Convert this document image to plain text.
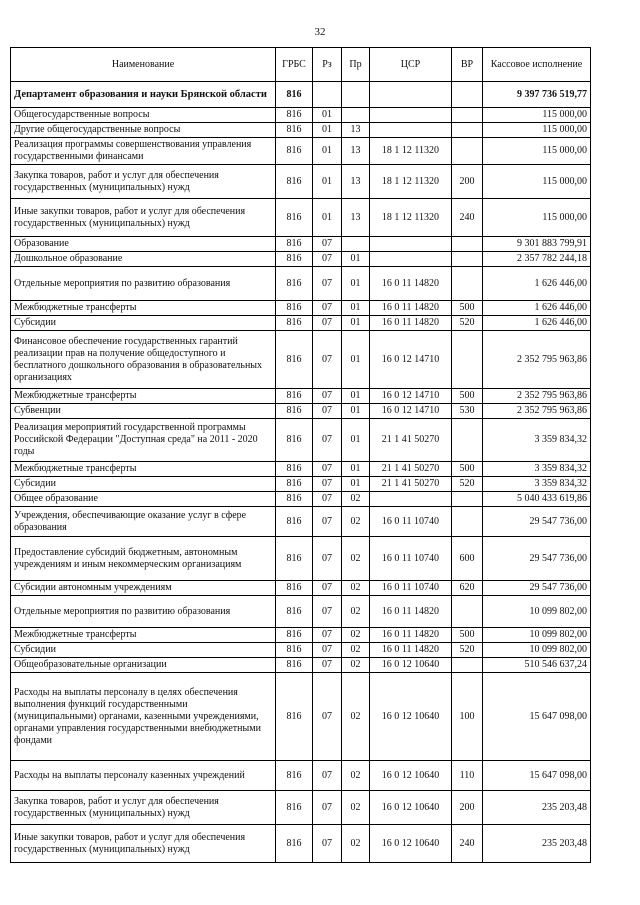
32
Наименование	ГРБС	Рз	Пр	ЦСР	ВР	Кассовое исполнение
Департамент образования и науки Брянской области	816					9 397 736 519,77
Общегосударственные вопросы	816	01				115 000,00
Другие общегосударственные вопросы	816	01	13			115 000,00
Реализация программы совершенствования управления государственными финансами	816	01	13	18 1 12 11320		115 000,00
Закупка товаров, работ и услуг для обеспечения государственных (муниципальных) нужд	816	01	13	18 1 12 11320	200	115 000,00
Иные закупки товаров, работ и услуг для обеспечения государственных (муниципальных) нужд	816	01	13	18 1 12 11320	240	115 000,00
Образование	816	07				9 301 883 799,91
Дошкольное образование	816	07	01			2 357 782 244,18
Отдельные мероприятия по развитию образования	816	07	01	16 0 11 14820		1 626 446,00
Межбюджетные трансферты	816	07	01	16 0 11 14820	500	1 626 446,00
Субсидии	816	07	01	16 0 11 14820	520	1 626 446,00
Финансовое обеспечение государственных гарантий реализации прав на получение общедоступного и бесплатного дошкольного образования в образовательных организациях	816	07	01	16 0 12 14710		2 352 795 963,86
Межбюджетные трансферты	816	07	01	16 0 12 14710	500	2 352 795 963,86
Субвенции	816	07	01	16 0 12 14710	530	2 352 795 963,86
Реализация мероприятий государственной программы Российской Федерации "Доступная среда" на 2011 - 2020 годы	816	07	01	21 1 41 50270		3 359 834,32
Межбюджетные трансферты	816	07	01	21 1 41 50270	500	3 359 834,32
Субсидии	816	07	01	21 1 41 50270	520	3 359 834,32
Общее образование	816	07	02			5 040 433 619,86
Учреждения, обеспечивающие оказание услуг в сфере образования	816	07	02	16 0 11 10740		29 547 736,00
Предоставление субсидий бюджетным, автономным учреждениям и иным некоммерческим организациям	816	07	02	16 0 11 10740	600	29 547 736,00
Субсидии автономным учреждениям	816	07	02	16 0 11 10740	620	29 547 736,00
Отдельные мероприятия по развитию образования	816	07	02	16 0 11 14820		10 099 802,00
Межбюджетные трансферты	816	07	02	16 0 11 14820	500	10 099 802,00
Субсидии	816	07	02	16 0 11 14820	520	10 099 802,00
Общеобразовательные организации	816	07	02	16 0 12 10640		510 546 637,24
Расходы на выплаты персоналу в целях обеспечения выполнения функций государственными (муниципальными) органами, казенными учреждениями, органами управления государственными внебюджетными фондами	816	07	02	16 0 12 10640	100	15 647 098,00
Расходы на выплаты персоналу казенных учреждений	816	07	02	16 0 12 10640	110	15 647 098,00
Закупка товаров, работ и услуг для обеспечения государственных (муниципальных) нужд	816	07	02	16 0 12 10640	200	235 203,48
Иные закупки товаров, работ и услуг для обеспечения государственных (муниципальных) нужд	816	07	02	16 0 12 10640	240	235 203,48
